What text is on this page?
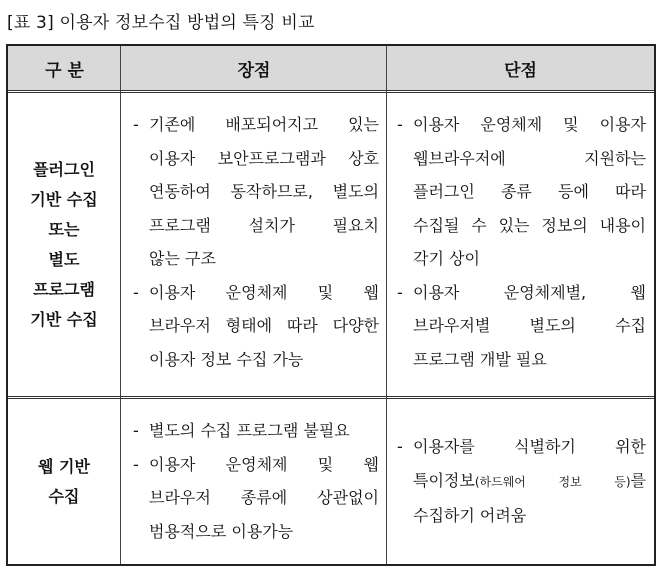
[표 3] 이용자 정보수집 방법의 특징 비교
구 분	장점	단점
플러그인
기반 수집
또는
별도
프로그램
기반 수집
- 기존에 배포되어지고 있는
이용자 보안프로그램과 상호
연동하여 동작하므로, 별도의
프로그램 설치가 필요치
않는 구조
- 이용자 운영체제 및 웹
브라우저 형태에 따라 다양한
이용자 정보 수집 가능
- 이용자 운영체제 및 이용자
웹브라우저에 지원하는
플러그인 종류 등에 따라
수집될 수 있는 정보의 내용이
각기 상이
- 이용자 운영체제별, 웹
브라우저별 별도의 수집
프로그램 개발 필요
웹 기반
수집
- 별도의 수집 프로그램 불필요
- 이용자 운영체제 및 웹
브라우저 종류에 상관없이
범용적으로 이용가능
- 이용자를 식별하기 위한
특이정보(하드웨어 정보 등)를
수집하기 어려움
